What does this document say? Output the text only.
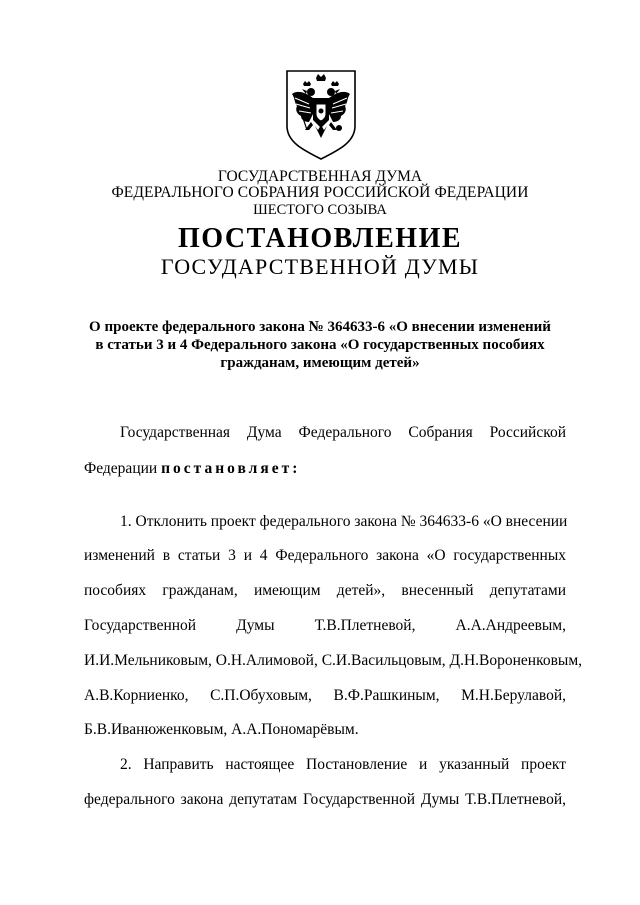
ГОСУДАРСТВЕННАЯ ДУМА
ФЕДЕРАЛЬНОГО СОБРАНИЯ РОССИЙСКОЙ ФЕДЕРАЦИИ
ШЕСТОГО СОЗЫВА
ПОСТАНОВЛЕНИЕ
ГОСУДАРСТВЕННОЙ ДУМЫ
О проекте федерального закона № 364633-6 «О внесении изменений
в статьи 3 и 4 Федерального закона «О государственных пособиях
гражданам, имеющим детей»
Государственная Дума Федерального Собрания Российской
Федерации постановляет:
1. Отклонить проект федерального закона № 364633-6 «О внесении
изменений в статьи 3 и 4 Федерального закона «О государственных
пособиях гражданам, имеющим детей», внесенный депутатами
Государственной Думы Т.В.Плетневой, А.А.Андреевым,
И.И.Мельниковым, О.Н.Алимовой, С.И.Васильцовым, Д.Н.Вороненковым,
А.В.Корниенко, С.П.Обуховым, В.Ф.Рашкиным, М.Н.Берулавой,
Б.В.Иванюженковым, А.А.Пономарёвым.
2. Направить настоящее Постановление и указанный проект
федерального закона депутатам Государственной Думы Т.В.Плетневой,
